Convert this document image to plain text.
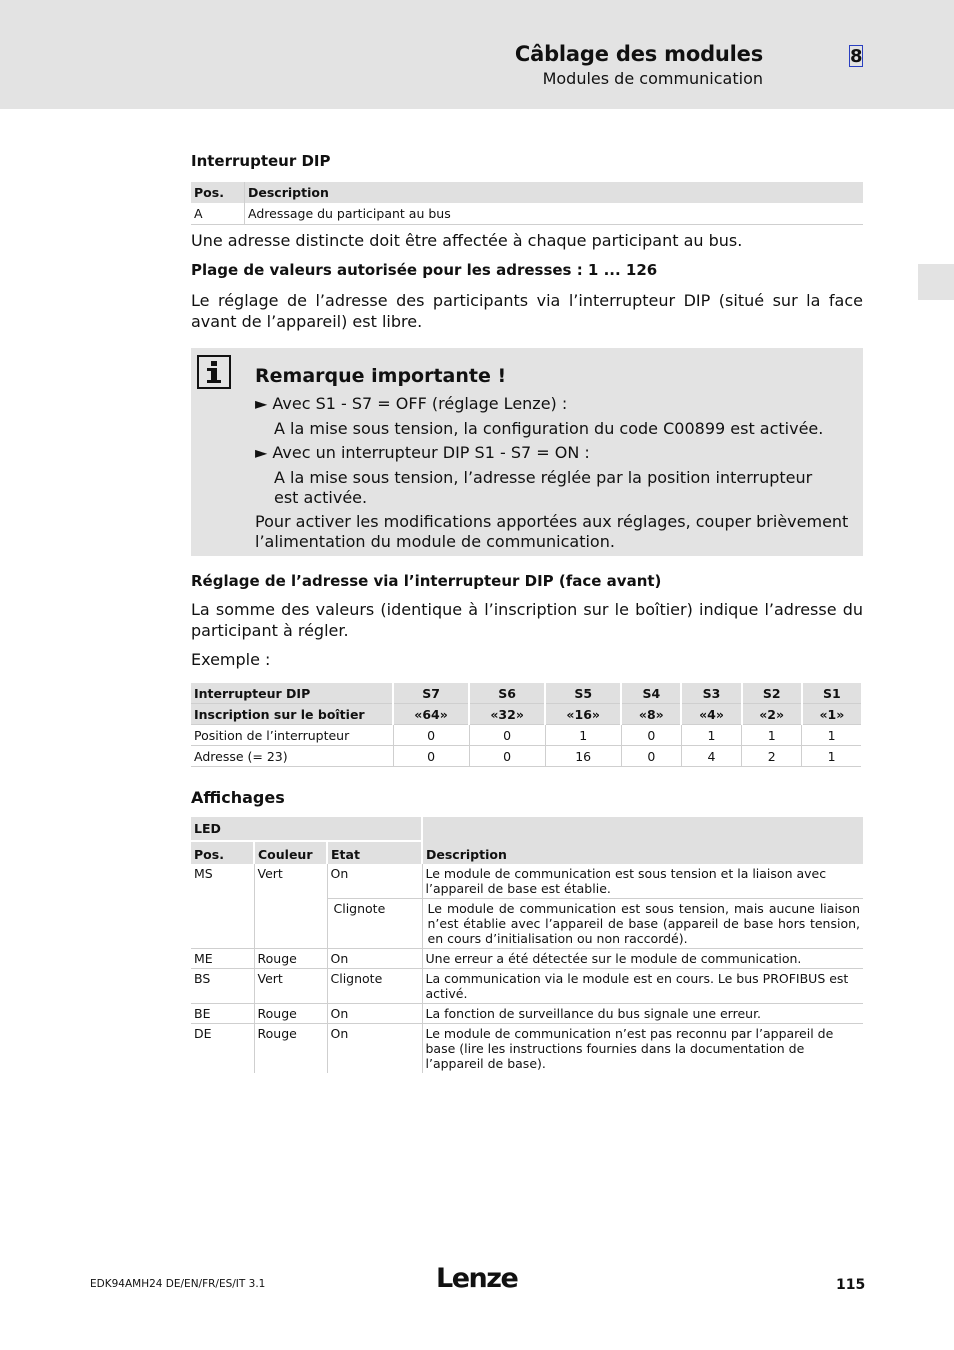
Câblage des modules
Modules de communication
8
Interrupteur DIP
Pos.	Description
A	Adressage du participant au bus
Une adresse distincte doit être affectée à chaque participant au bus.
Plage de valeurs autorisée pour les adresses : 1 ... 126
Le réglage de l’adresse des participants via l’interrupteur DIP (situé sur la face avant de l’appareil) est libre.
Remarque importante !
► Avec S1 - S7 = OFF (réglage Lenze) :
A la mise sous tension, la configuration du code C00899 est activée.
► Avec un interrupteur DIP S1 - S7 = ON :
A la mise sous tension, l’adresse réglée par la position interrupteur est activée.
Pour activer les modifications apportées aux réglages, couper brièvement l’alimentation du module de communication.
Réglage de l’adresse via l’interrupteur DIP (face avant)
La somme des valeurs (identique à l’inscription sur le boîtier) indique l’adresse du participant à régler.
Exemple :
Interrupteur DIP	S7	S6	S5	S4	S3	S2	S1
Inscription sur le boîtier	«64»	«32»	«16»	«8»	«4»	«2»	«1»
Position de l’interrupteur	0	0	1	0	1	1	1
Adresse (= 23)	0	0	16	0	4	2	1
Affichages
LED			Description
Pos.	Couleur	Etat	
MS	Vert	On	Le module de communication est sous tension et la liaison avec l’appareil de base est établie.
		Clignote	Le module de communication est sous tension, mais aucune liaison n’est établie avec l’appareil de base (appareil de base hors tension, en cours d’initialisation ou non raccordé).
ME	Rouge	On	Une erreur a été détectée sur le module de communication.
BS	Vert	Clignote	La communication via le module est en cours. Le bus PROFIBUS est activé.
BE	Rouge	On	La fonction de surveillance du bus signale une erreur.
DE	Rouge	On	Le module de communication n’est pas reconnu par l’appareil de base (lire les instructions fournies dans la documentation de l’appareil de base).
EDK94AMH24 DE/EN/FR/ES/IT 3.1	Lenze	115
